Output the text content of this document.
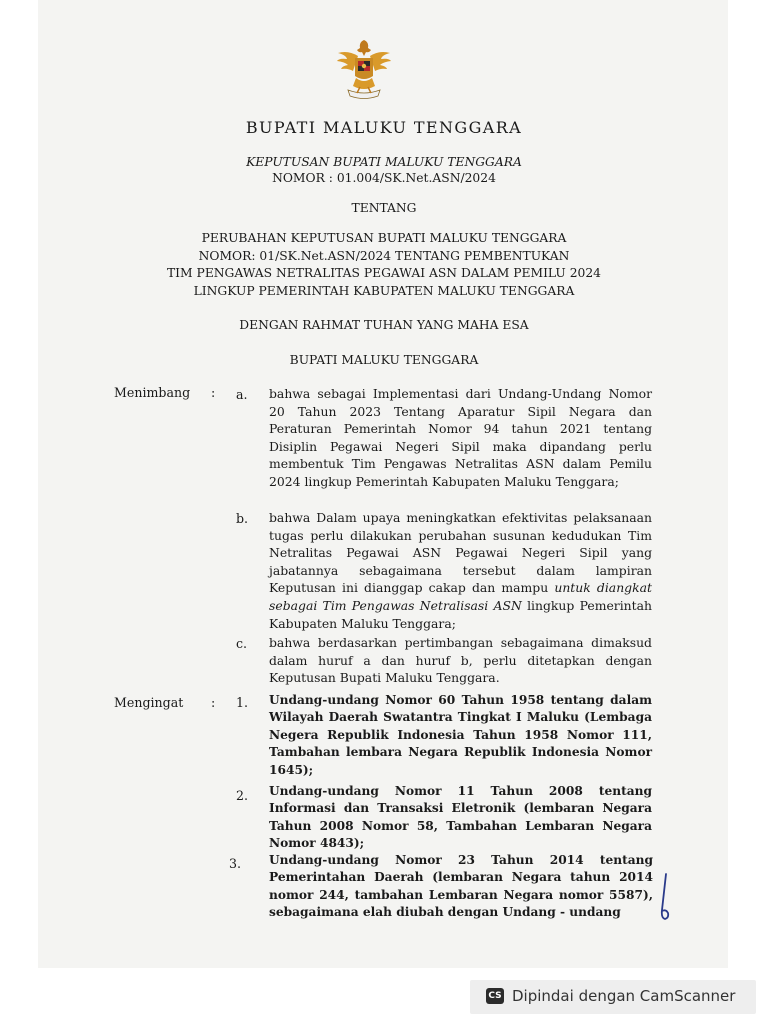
BUPATI MALUKU TENGGARA
KEPUTUSAN BUPATI MALUKU TENGGARA
NOMOR : 01.004/SK.Net.ASN/2024
TENTANG
PERUBAHAN KEPUTUSAN BUPATI MALUKU TENGGARA
NOMOR: 01/SK.Net.ASN/2024 TENTANG PEMBENTUKAN
TIM PENGAWAS NETRALITAS PEGAWAI ASN DALAM PEMILU 2024
LINGKUP PEMERINTAH KABUPATEN MALUKU TENGGARA
DENGAN RAHMAT TUHAN YANG MAHA ESA
BUPATI MALUKU TENGGARA
Menimbang : a. bahwa sebagai Implementasi dari Undang-Undang Nomor 20 Tahun 2023 Tentang Aparatur Sipil Negara dan Peraturan Pemerintah Nomor 94 tahun 2021 tentang Disiplin Pegawai Negeri Sipil maka dipandang perlu membentuk Tim Pengawas Netralitas ASN dalam Pemilu 2024 lingkup Pemerintah Kabupaten Maluku Tenggara;
b. bahwa Dalam upaya meningkatkan efektivitas pelaksanaan tugas perlu dilakukan perubahan susunan kedudukan Tim Netralitas Pegawai ASN Pegawai Negeri Sipil yang jabatannya sebagaimana tersebut dalam lampiran Keputusan ini dianggap cakap dan mampu untuk diangkat sebagai Tim Pengawas Netralisasi ASN lingkup Pemerintah Kabupaten Maluku Tenggara;
c. bahwa berdasarkan pertimbangan sebagaimana dimaksud dalam huruf a dan huruf b, perlu ditetapkan dengan Keputusan Bupati Maluku Tenggara.
Mengingat : 1. Undang-undang Nomor 60 Tahun 1958 tentang dalam Wilayah Daerah Swatantra Tingkat I Maluku (Lembaga Negera Republik Indonesia Tahun 1958 Nomor 111, Tambahan lembara Negara Republik Indonesia Nomor 1645);
2. Undang-undang Nomor 11 Tahun 2008 tentang Informasi dan Transaksi Eletronik (lembaran Negara Tahun 2008 Nomor 58, Tambahan Lembaran Negara Nomor 4843);
3. Undang-undang Nomor 23 Tahun 2014 tentang Pemerintahan Daerah (lembaran Negara tahun 2014 nomor 244, tambahan Lembaran Negara nomor 5587), sebagaimana elah diubah dengan Undang - undang
CS Dipindai dengan CamScanner
